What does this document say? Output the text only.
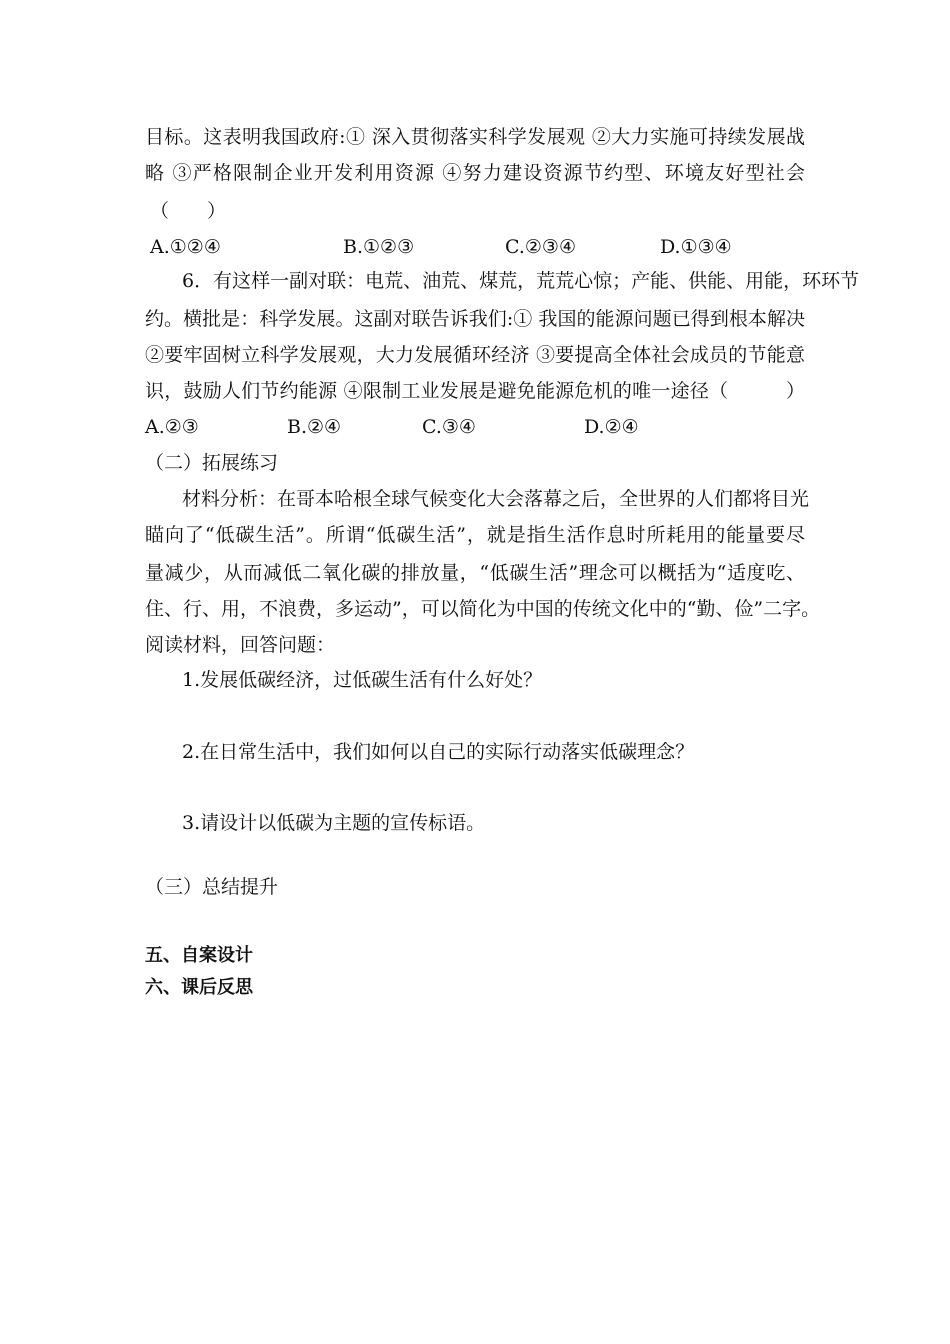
目标。这表明我国政府:① 深入贯彻落实科学发展观 ②大力实施可持续发展战
略 ③严格限制企业开发利用资源 ④努力建设资源节约型、环境友好型社会
（　　）
A.①②④	B.①②③	C.②③④	D.①③④
6．有这样一副对联：电荒、油荒、煤荒，荒荒心惊；产能、供能、用能，环环节
约。横批是：科学发展。这副对联告诉我们:① 我国的能源问题已得到根本解决
②要牢固树立科学发展观，大力发展循环经济 ③要提高全体社会成员的节能意
识，鼓励人们节约能源 ④限制工业发展是避免能源危机的唯一途径（　　　）
A.②③	B.②④	C.③④	D.②④
（二）拓展练习
材料分析：在哥本哈根全球气候变化大会落幕之后，全世界的人们都将目光
瞄向了“低碳生活”。所谓“低碳生活”，就是指生活作息时所耗用的能量要尽
量减少，从而减低二氧化碳的排放量，“低碳生活”理念可以概括为“适度吃、
住、行、用，不浪费，多运动”，可以简化为中国的传统文化中的“勤、俭”二字。
阅读材料，回答问题：
1.发展低碳经济，过低碳生活有什么好处？
2.在日常生活中，我们如何以自己的实际行动落实低碳理念？
3.请设计以低碳为主题的宣传标语。
（三）总结提升
五、自案设计
六、课后反思
